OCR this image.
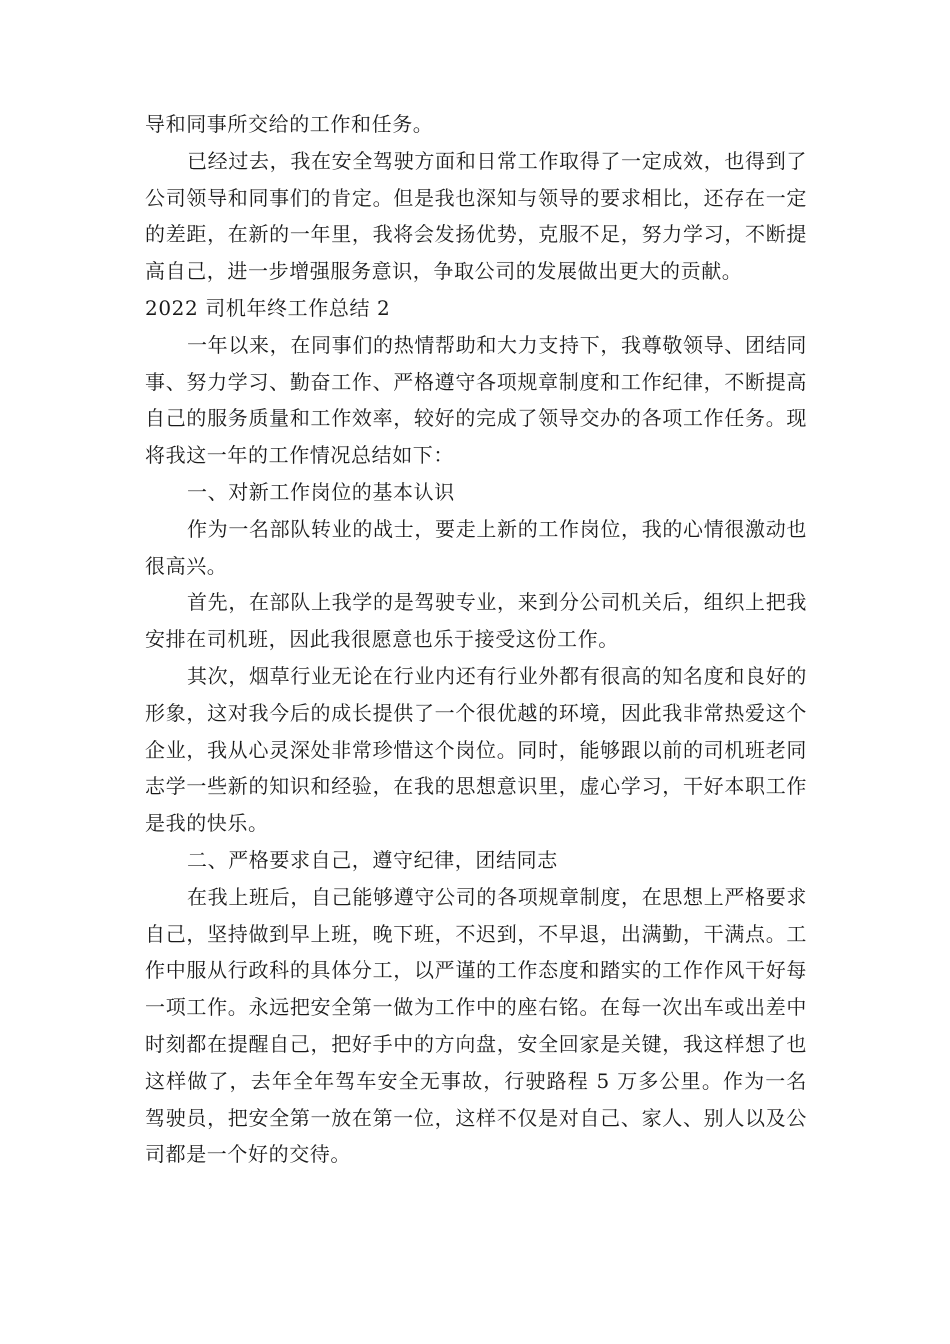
导和同事所交给的工作和任务。

已经过去，我在安全驾驶方面和日常工作取得了一定成效，也得到了公司领导和同事们的肯定。但是我也深知与领导的要求相比，还存在一定的差距，在新的一年里，我将会发扬优势，克服不足，努力学习，不断提高自己，进一步增强服务意识，争取公司的发展做出更大的贡献。

2022 司机年终工作总结 2

一年以来，在同事们的热情帮助和大力支持下，我尊敬领导、团结同事、努力学习、勤奋工作、严格遵守各项规章制度和工作纪律，不断提高自己的服务质量和工作效率，较好的完成了领导交办的各项工作任务。现将我这一年的工作情况总结如下：

一、对新工作岗位的基本认识

作为一名部队转业的战士，要走上新的工作岗位，我的心情很激动也很高兴。

首先，在部队上我学的是驾驶专业，来到分公司机关后，组织上把我安排在司机班，因此我很愿意也乐于接受这份工作。

其次，烟草行业无论在行业内还有行业外都有很高的知名度和良好的形象，这对我今后的成长提供了一个很优越的环境，因此我非常热爱这个企业，我从心灵深处非常珍惜这个岗位。同时，能够跟以前的司机班老同志学一些新的知识和经验，在我的思想意识里，虚心学习，干好本职工作是我的快乐。

二、严格要求自己，遵守纪律，团结同志

在我上班后，自己能够遵守公司的各项规章制度，在思想上严格要求自己，坚持做到早上班，晚下班，不迟到，不早退，出满勤，干满点。工作中服从行政科的具体分工，以严谨的工作态度和踏实的工作作风干好每一项工作。永远把安全第一做为工作中的座右铭。在每一次出车或出差中时刻都在提醒自己，把好手中的方向盘，安全回家是关键，我这样想了也这样做了，去年全年驾车安全无事故，行驶路程 5 万多公里。作为一名驾驶员，把安全第一放在第一位，这样不仅是对自己、家人、别人以及公司都是一个好的交待。
